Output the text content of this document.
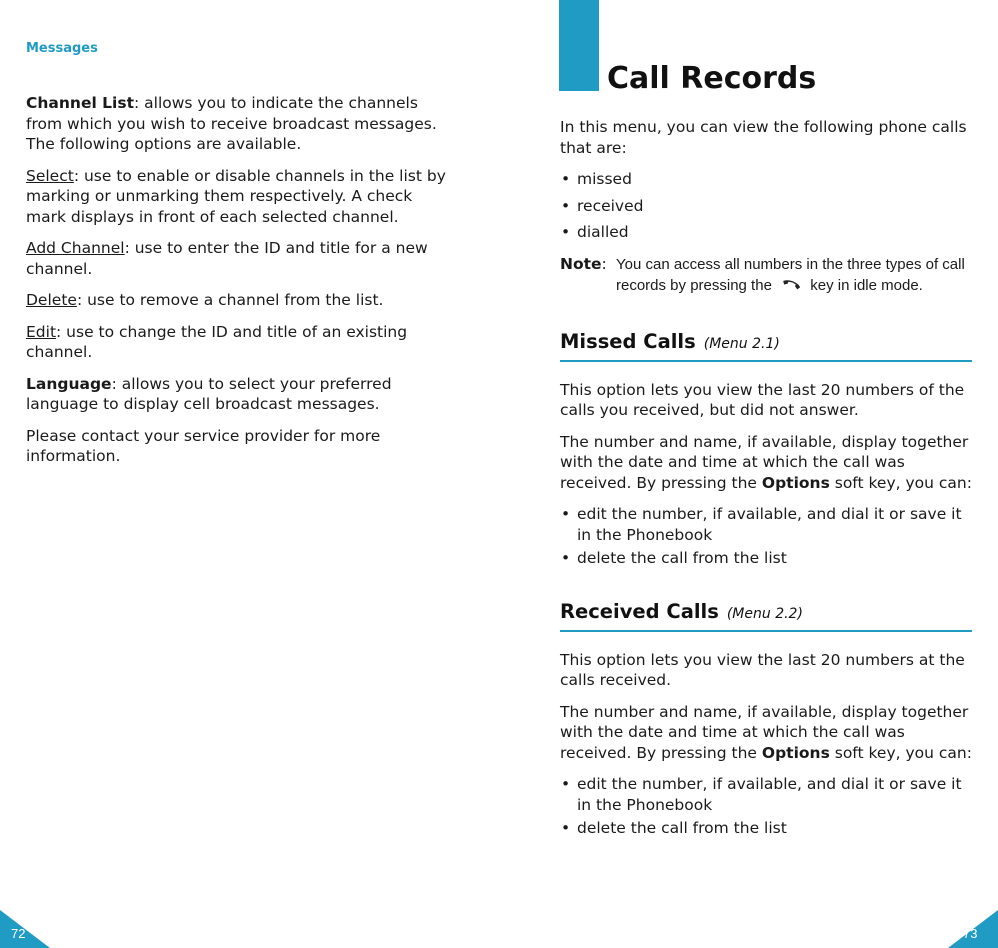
Messages

Channel List: allows you to indicate the channels from which you wish to receive broadcast messages. The following options are available.

Select: use to enable or disable channels in the list by marking or unmarking them respectively. A check mark displays in front of each selected channel.

Add Channel: use to enter the ID and title for a new channel.

Delete: use to remove a channel from the list.

Edit: use to change the ID and title of an existing channel.

Language: allows you to select your preferred language to display cell broadcast messages.

Please contact your service provider for more information.

72
Call Records

In this menu, you can view the following phone calls that are:

• missed
• received
• dialled
Note: You can access all numbers in the three types of call records by pressing the	key in idle mode.
Missed Calls (Menu 2.1)

This option lets you view the last 20 numbers of the calls you received, but did not answer.

The number and name, if available, display together with the date and time at which the call was received. By pressing the Options soft key, you can:

• edit the number, if available, and dial it or save it in the Phonebook
• delete the call from the list
Received Calls (Menu 2.2)

This option lets you view the last 20 numbers at the calls received.

The number and name, if available, display together with the date and time at which the call was received. By pressing the Options soft key, you can:

• edit the number, if available, and dial it or save it in the Phonebook
• delete the call from the list
73
